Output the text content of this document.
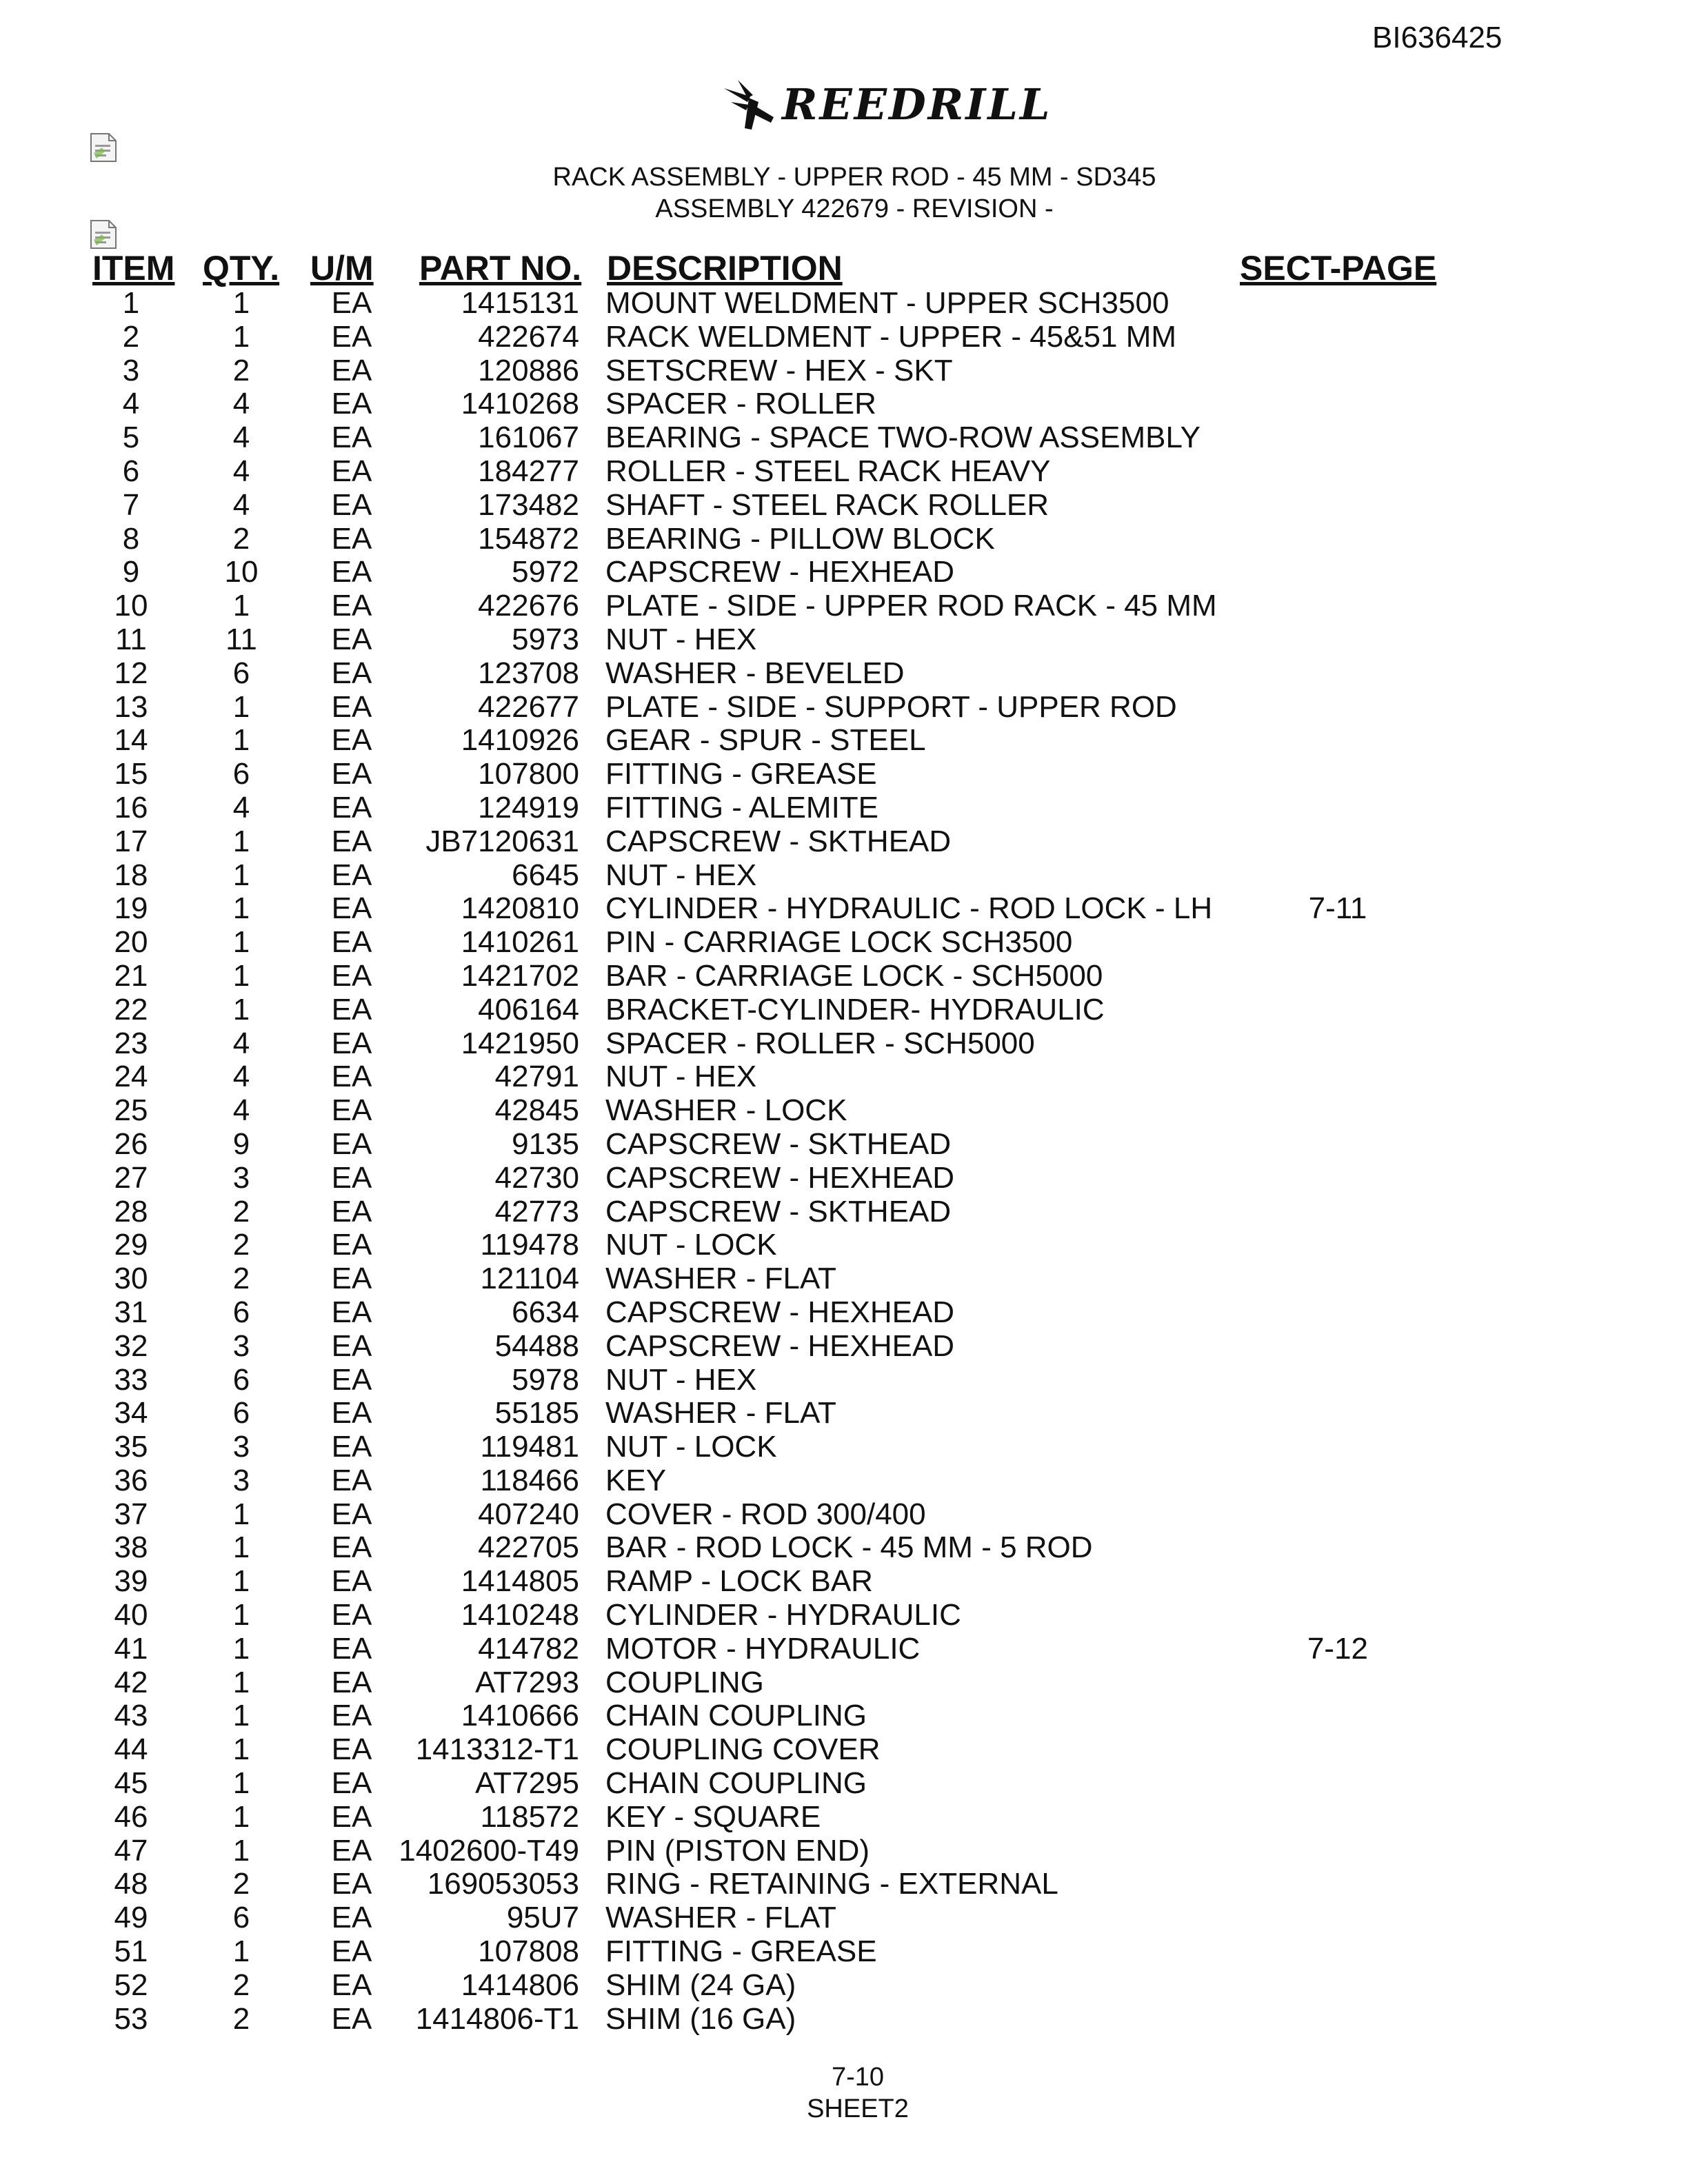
BI636425
REEDRILL
RACK ASSEMBLY - UPPER ROD - 45 MM - SD345
ASSEMBLY 422679 - REVISION -
ITEM QTY. U/M PART NO. DESCRIPTION	SECT-PAGE
1	1	EA	1415131 MOUNT WELDMENT - UPPER SCH3500
2	1	EA	422674 RACK WELDMENT - UPPER - 45&51 MM
3	2	EA	120886 SETSCREW - HEX - SKT
4	4	EA	1410268 SPACER - ROLLER
5	4	EA	161067 BEARING - SPACE TWO-ROW ASSEMBLY
6	4	EA	184277 ROLLER - STEEL RACK HEAVY
7	4	EA	173482 SHAFT - STEEL RACK ROLLER
8	2	EA	154872 BEARING - PILLOW BLOCK
9	10	EA	5972 CAPSCREW - HEXHEAD
10	1	EA	422676 PLATE - SIDE - UPPER ROD RACK - 45 MM
11	11	EA	5973 NUT - HEX
12	6	EA	123708 WASHER - BEVELED
13	1	EA	422677 PLATE - SIDE - SUPPORT - UPPER ROD
14	1	EA	1410926 GEAR - SPUR - STEEL
15	6	EA	107800 FITTING - GREASE
16	4	EA	124919 FITTING - ALEMITE
17	1	EA	JB7120631 CAPSCREW - SKTHEAD
18	1	EA	6645 NUT - HEX
19	1	EA	1420810 CYLINDER - HYDRAULIC - ROD LOCK - LH	7-11
20	1	EA	1410261 PIN - CARRIAGE LOCK SCH3500
21	1	EA	1421702 BAR - CARRIAGE LOCK - SCH5000
22	1	EA	406164 BRACKET-CYLINDER- HYDRAULIC
23	4	EA	1421950 SPACER - ROLLER - SCH5000
24	4	EA	42791 NUT - HEX
25	4	EA	42845 WASHER - LOCK
26	9	EA	9135 CAPSCREW - SKTHEAD
27	3	EA	42730 CAPSCREW - HEXHEAD
28	2	EA	42773 CAPSCREW - SKTHEAD
29	2	EA	119478 NUT - LOCK
30	2	EA	121104 WASHER - FLAT
31	6	EA	6634 CAPSCREW - HEXHEAD
32	3	EA	54488 CAPSCREW - HEXHEAD
33	6	EA	5978 NUT - HEX
34	6	EA	55185 WASHER - FLAT
35	3	EA	119481 NUT - LOCK
36	3	EA	118466 KEY
37	1	EA	407240 COVER - ROD 300/400
38	1	EA	422705 BAR - ROD LOCK - 45 MM - 5 ROD
39	1	EA	1414805 RAMP - LOCK BAR
40	1	EA	1410248 CYLINDER - HYDRAULIC
41	1	EA	414782 MOTOR - HYDRAULIC	7-12
42	1	EA	AT7293 COUPLING
43	1	EA	1410666 CHAIN COUPLING
44	1	EA	1413312-T1 COUPLING COVER
45	1	EA	AT7295 CHAIN COUPLING
46	1	EA	118572 KEY - SQUARE
47	1	EA 1402600-T49 PIN (PISTON END)
48	2	EA	169053053 RING - RETAINING - EXTERNAL
49	6	EA	95U7 WASHER - FLAT
51	1	EA	107808 FITTING - GREASE
52	2	EA	1414806 SHIM (24 GA)
53	2	EA	1414806-T1 SHIM (16 GA)
7-10
SHEET2
